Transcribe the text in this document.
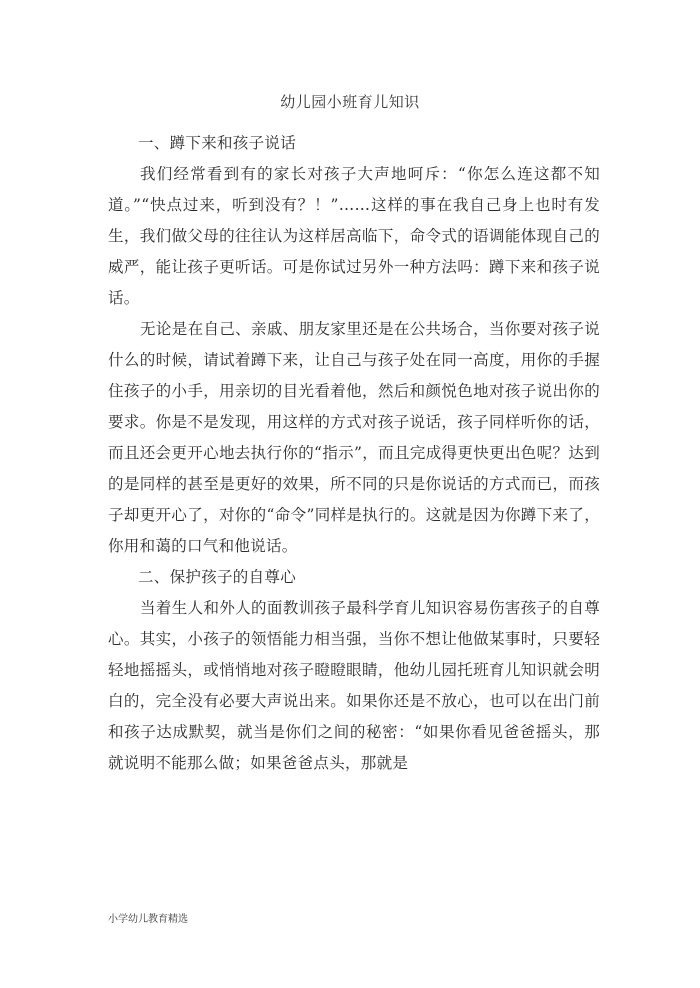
幼儿园小班育儿知识
一、蹲下来和孩子说话

我们经常看到有的家长对孩子大声地呵斥：“你怎么连这都不知道。”“快点过来，听到没有？！”……这样的事在我自己身上也时有发生，我们做父母的往往认为这样居高临下，命令式的语调能体现自己的威严，能让孩子更听话。可是你试过另外一种方法吗：蹲下来和孩子说话。

无论是在自己、亲戚、朋友家里还是在公共场合，当你要对孩子说什么的时候，请试着蹲下来，让自己与孩子处在同一高度，用你的手握住孩子的小手，用亲切的目光看着他，然后和颜悦色地对孩子说出你的要求。你是不是发现，用这样的方式对孩子说话，孩子同样听你的话，而且还会更开心地去执行你的“指示”，而且完成得更快更出色呢？达到的是同样的甚至是更好的效果，所不同的只是你说话的方式而已，而孩子却更开心了，对你的“命令”同样是执行的。这就是因为你蹲下来了，你用和蔼的口气和他说话。

二、保护孩子的自尊心

当着生人和外人的面教训孩子最科学育儿知识容易伤害孩子的自尊心。其实，小孩子的领悟能力相当强，当你不想让他做某事时，只要轻轻地摇摇头，或悄悄地对孩子瞪瞪眼睛，他幼儿园托班育儿知识就会明白的，完全没有必要大声说出来。如果你还是不放心，也可以在出门前和孩子达成默契，就当是你们之间的秘密：“如果你看见爸爸摇头，那就说明不能那么做；如果爸爸点头，那就是

小学幼儿教育精选
